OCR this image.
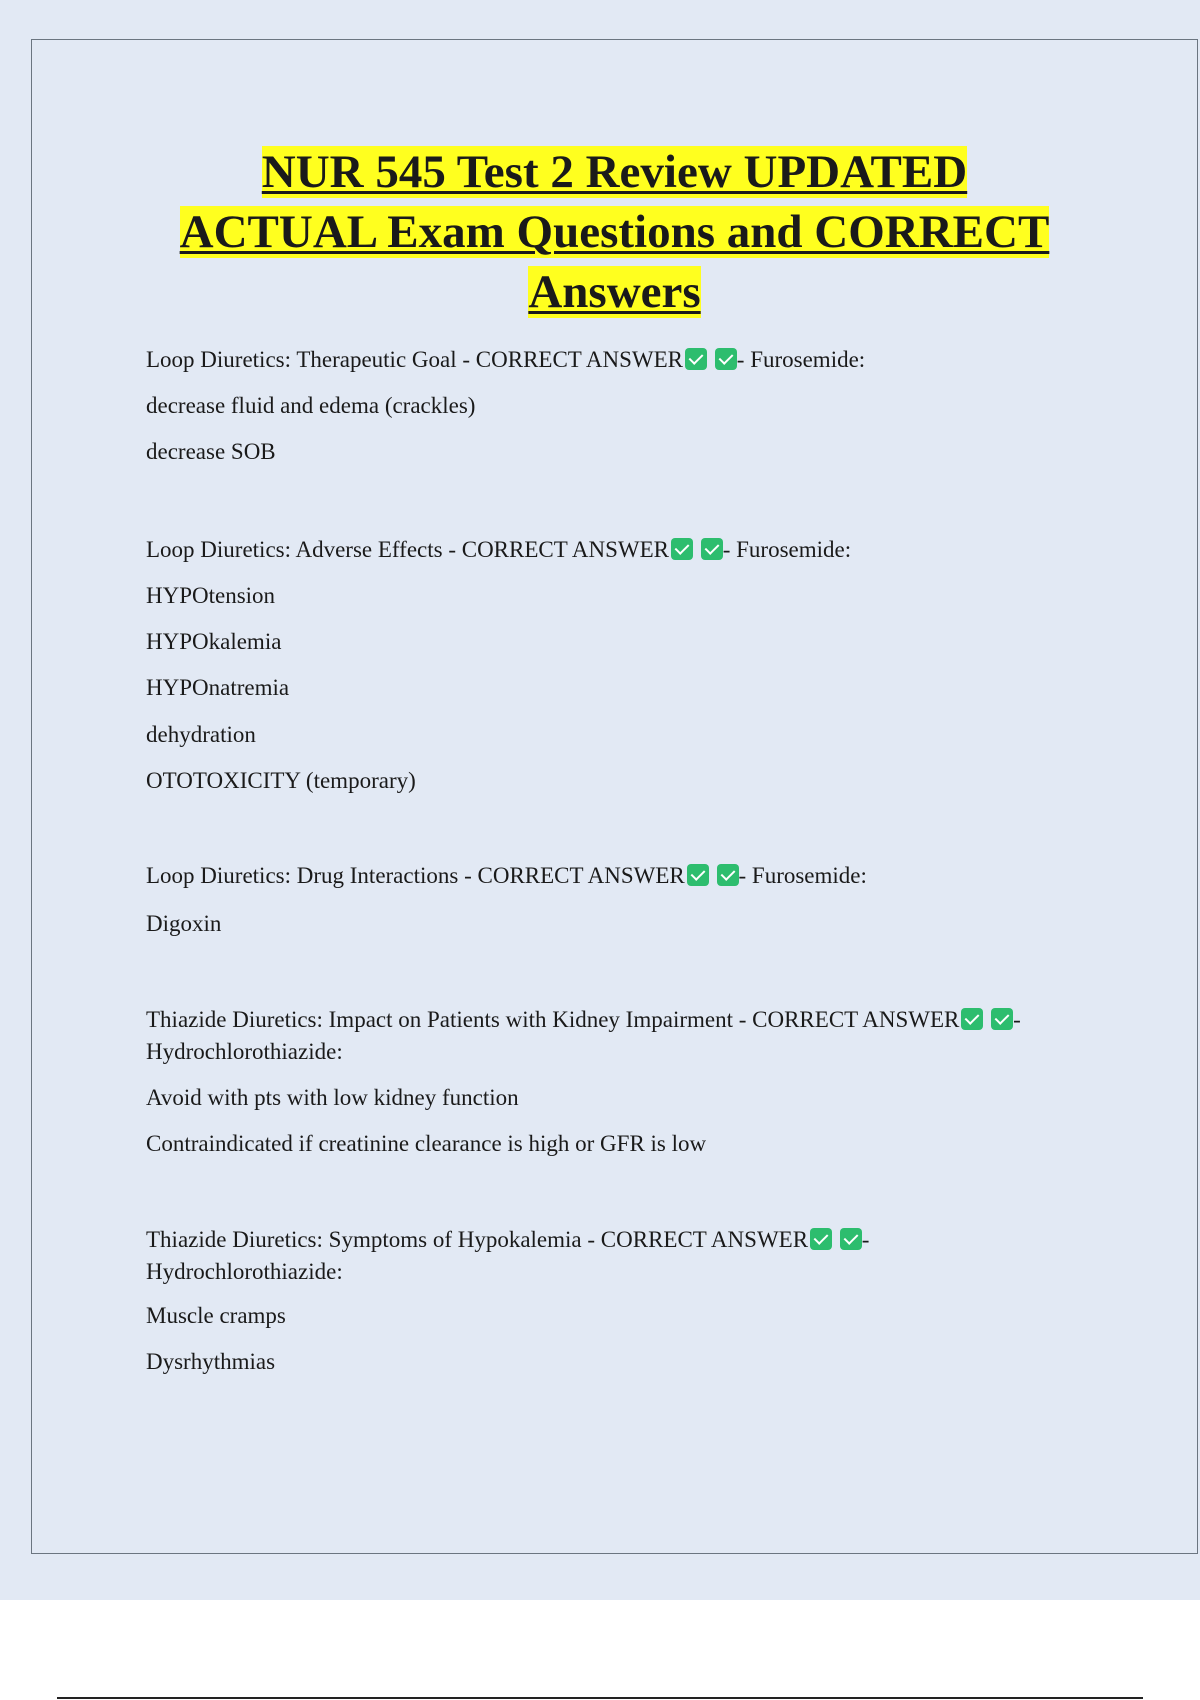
NUR 545 Test 2 Review UPDATED
ACTUAL Exam Questions and CORRECT
Answers

Loop Diuretics: Therapeutic Goal - CORRECT ANSWER - Furosemide:

decrease fluid and edema (crackles)

decrease SOB

Loop Diuretics: Adverse Effects - CORRECT ANSWER - Furosemide:

HYPOtension

HYPOkalemia

HYPOnatremia

dehydration

OTOTOXICITY (temporary)

Loop Diuretics: Drug Interactions - CORRECT ANSWER - Furosemide:

Digoxin

Thiazide Diuretics: Impact on Patients with Kidney Impairment - CORRECT ANSWER -

Hydrochlorothiazide:

Avoid with pts with low kidney function

Contraindicated if creatinine clearance is high or GFR is low

Thiazide Diuretics: Symptoms of Hypokalemia - CORRECT ANSWER -

Hydrochlorothiazide:

Muscle cramps

Dysrhythmias
